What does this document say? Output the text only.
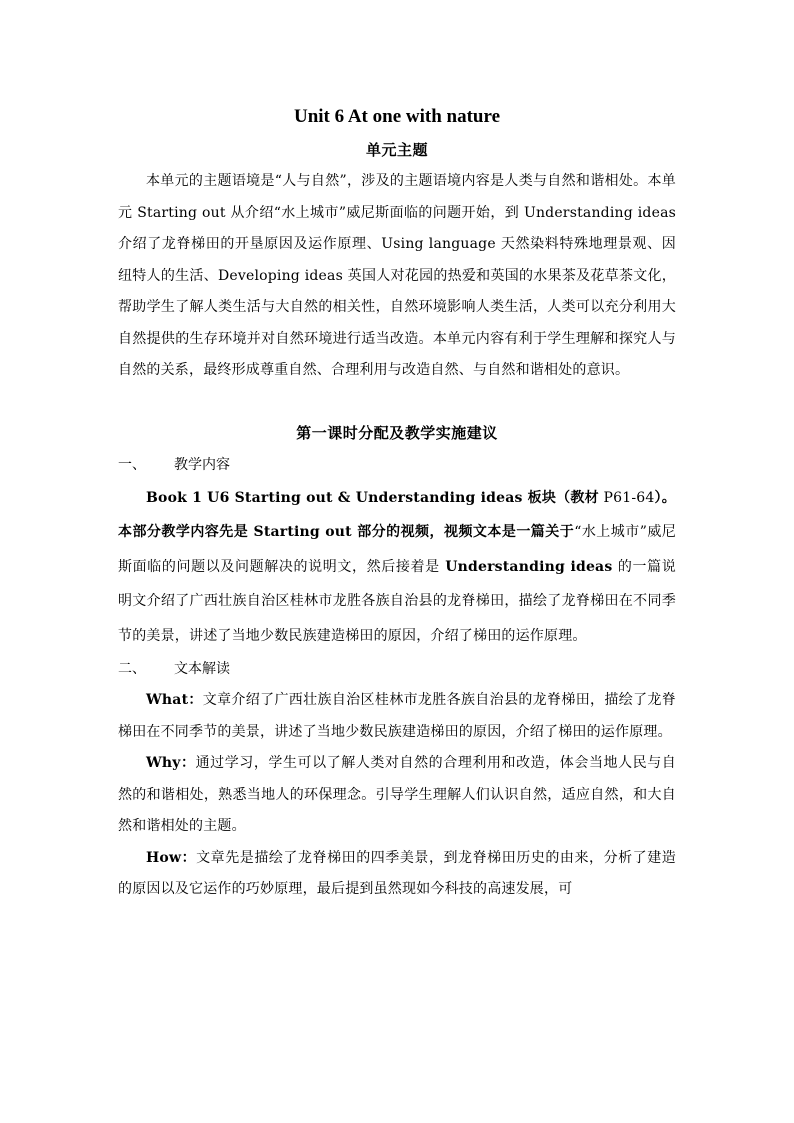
Unit 6 At one with nature
单元主题

本单元的主题语境是“人与自然”，涉及的主题语境内容是人类与自然和谐相处。本单元 Starting out 从介绍“水上城市”威尼斯面临的问题开始，到 Understanding ideas 介绍了龙脊梯田的开垦原因及运作原理、Using language 天然染料特殊地理景观、因纽特人的生活、Developing ideas 英国人对花园的热爱和英国的水果茶及花草茶文化，帮助学生了解人类生活与大自然的相关性，自然环境影响人类生活，人类可以充分利用大自然提供的生存环境并对自然环境进行适当改造。本单元内容有利于学生理解和探究人与自然的关系，最终形成尊重自然、合理利用与改造自然、与自然和谐相处的意识。

第一课时分配及教学实施建议
一、	教学内容

Book 1 U6 Starting out & Understanding ideas 板块（教材 P61-64）。本部分教学内容先是 Starting out 部分的视频，视频文本是一篇关于“水上城市”威尼斯面临的问题以及问题解决的说明文，然后接着是 Understanding ideas 的一篇说明文介绍了广西壮族自治区桂林市龙胜各族自治县的龙脊梯田，描绘了龙脊梯田在不同季节的美景，讲述了当地少数民族建造梯田的原因，介绍了梯田的运作原理。

二、	文本解读

What：文章介绍了广西壮族自治区桂林市龙胜各族自治县的龙脊梯田，描绘了龙脊梯田在不同季节的美景，讲述了当地少数民族建造梯田的原因，介绍了梯田的运作原理。

Why：通过学习，学生可以了解人类对自然的合理利用和改造，体会当地人民与自然的和谐相处，熟悉当地人的环保理念。引导学生理解人们认识自然，适应自然，和大自然和谐相处的主题。

How：文章先是描绘了龙脊梯田的四季美景，到龙脊梯田历史的由来，分析了建造的原因以及它运作的巧妙原理，最后提到虽然现如今科技的高速发展，可
